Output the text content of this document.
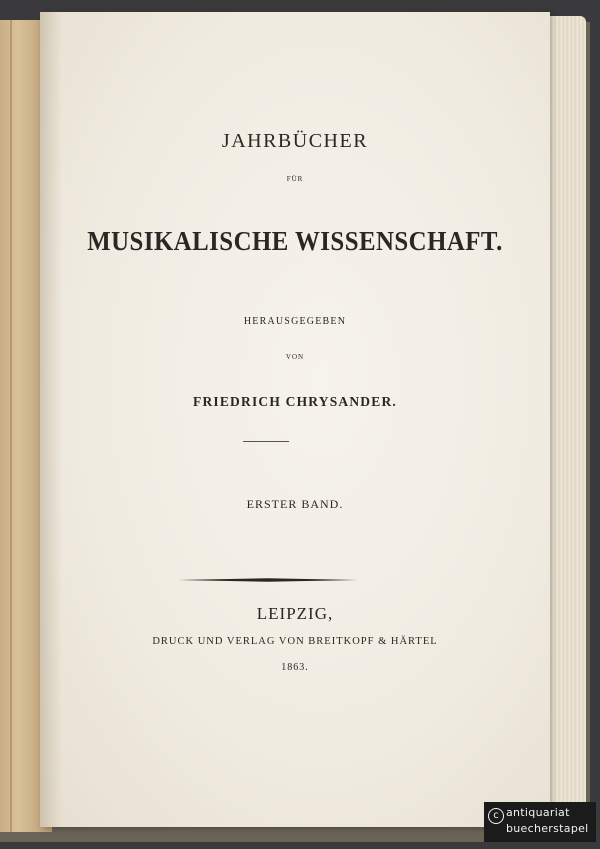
JAHRBÜCHER
FÜR
MUSIKALISCHE WISSENSCHAFT.
HERAUSGEGEBEN
VON
FRIEDRICH CHRYSANDER.
ERSTER BAND.
LEIPZIG,
DRUCK UND VERLAG VON BREITKOPF & HÄRTEL
1863.
c antiquariat
buecherstapel
